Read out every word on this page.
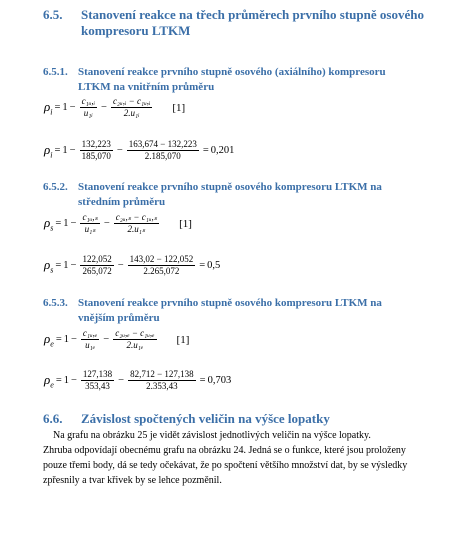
6.5. Stanovení reakce na třech průměrech prvního stupně osového
kompresoru LTKM
6.5.1. Stanovení reakce prvního stupně osového (axiálního) kompresoru
LTKM na vnitřním průměru
$\rho_i = 1 - \frac{\text{c₁ᵤ,ᵢ}}{\text{u₁ᵢ}} - \frac{\text{c₂ᵤ,ᵢ − c₁ᵤ,ᵢ}}{\text{2.u₁ᵢ}} [1]$
$\rho_i = 1 - \frac{132,223}{185,070} - \frac{163,674 - 132,223}{2.185,070} = 0,201$
6.5.2. Stanovení reakce prvního stupně osového kompresoru LTKM na
středním průměru
$\rho_s = 1 - \frac{\text{c₁ᵤ,ₛ}}{\text{u₁ₛ}} - \frac{\text{c₂ᵤ,ₛ − c₁ᵤ,ₛ}}{\text{2.u₁ₛ}} [1]$
$\rho_s = 1 - \frac{122,052}{265,072} - \frac{143,02 - 122,052}{2.265,072} = 0,5$
6.5.3. Stanovení reakce prvního stupně osového kompresoru LTKM na
vnějším průměru
$\rho_e = 1 - \frac{\text{c₁ᵤ,ₑ}}{\text{u₁ₑ}} - \frac{\text{c₂ᵤ,ₑ − c₁ᵤ,ₑ}}{\text{2.u₁ₑ}} [1]$
$\rho_e = 1 - \frac{127,138}{353,43} - \frac{82,712 - 127,138}{2.353,43} = 0,703$
6.6. Závislost spočtených veličin na výšce lopatky
Na grafu na obrázku 25 je vidět závislost jednotlivých veličin na výšce lopatky.
Zhruba odpovídají obecnému grafu na obrázku 24. Jedná se o funkce, které jsou proloženy
pouze třemi body, dá se tedy očekávat, že po spočtení většího množství dat, by se výsledky
zpřesnily a tvar křivek by se lehce pozměnil.
